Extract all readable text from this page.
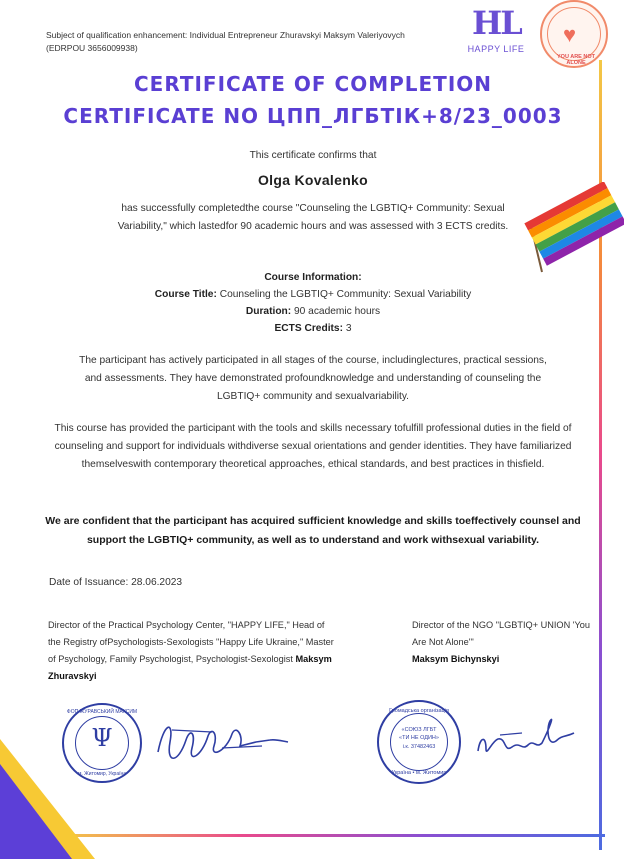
Subject of qualification enhancement: Individual Entrepreneur Zhuravskyi Maksym Valeriyovych
(EDRPOU 3656009938)
HL
HAPPY LIFE
♥
YOU ARE NOT ALONE
CERTIFICATE OF COMPLETION
CERTIFICATE NO ЦПП_ЛГБТІК+8/23_0003
This certificate confirms that
Olga Kovalenko
has successfully completedthe course "Counseling the LGBTIQ+ Community: Sexual Variability," which lastedfor 90 academic hours and was assessed with 3 ECTS credits.
Course Information:
Course Title: Counseling the LGBTIQ+ Community: Sexual Variability
Duration: 90 academic hours
ECTS Credits: 3
The participant has actively participated in all stages of the course, includinglectures, practical sessions, and assessments. They have demonstrated profoundknowledge and understanding of counseling the LGBTIQ+ community and sexualvariability.
This course has provided the participant with the tools and skills necessary tofulfill professional duties in the field of counseling and support for individuals withdiverse sexual orientations and gender identities. They have familiarized themselveswith contemporary theoretical approaches, ethical standards, and best practices in thisfield.
We are confident that the participant has acquired sufficient knowledge and skills toeffectively counsel and support the LGBTIQ+ community, as well as to understand and work withsexual variability.
Date of Issuance: 28.06.2023
Director of the Practical Psychology Center, "HAPPY LIFE," Head of the Registry ofPsychologists-Sexologists "Happy Life Ukraine," Master of Psychology, Family Psychologist, Psychologist-Sexologist Maksym Zhuravskyi
Director of the NGO "LGBTIQ+ UNION 'You Are Not Alone'"
Maksym Bichynskyi
ФОП ЖУРАВСЬКИЙ МАКСИМ
Ψ
м. Житомир, Україна
Громадська організація
«СОЮЗ ЛГБТ
«ТИ НЕ ОДИН»
і.к. 37482463
Україна • м. Житомир
